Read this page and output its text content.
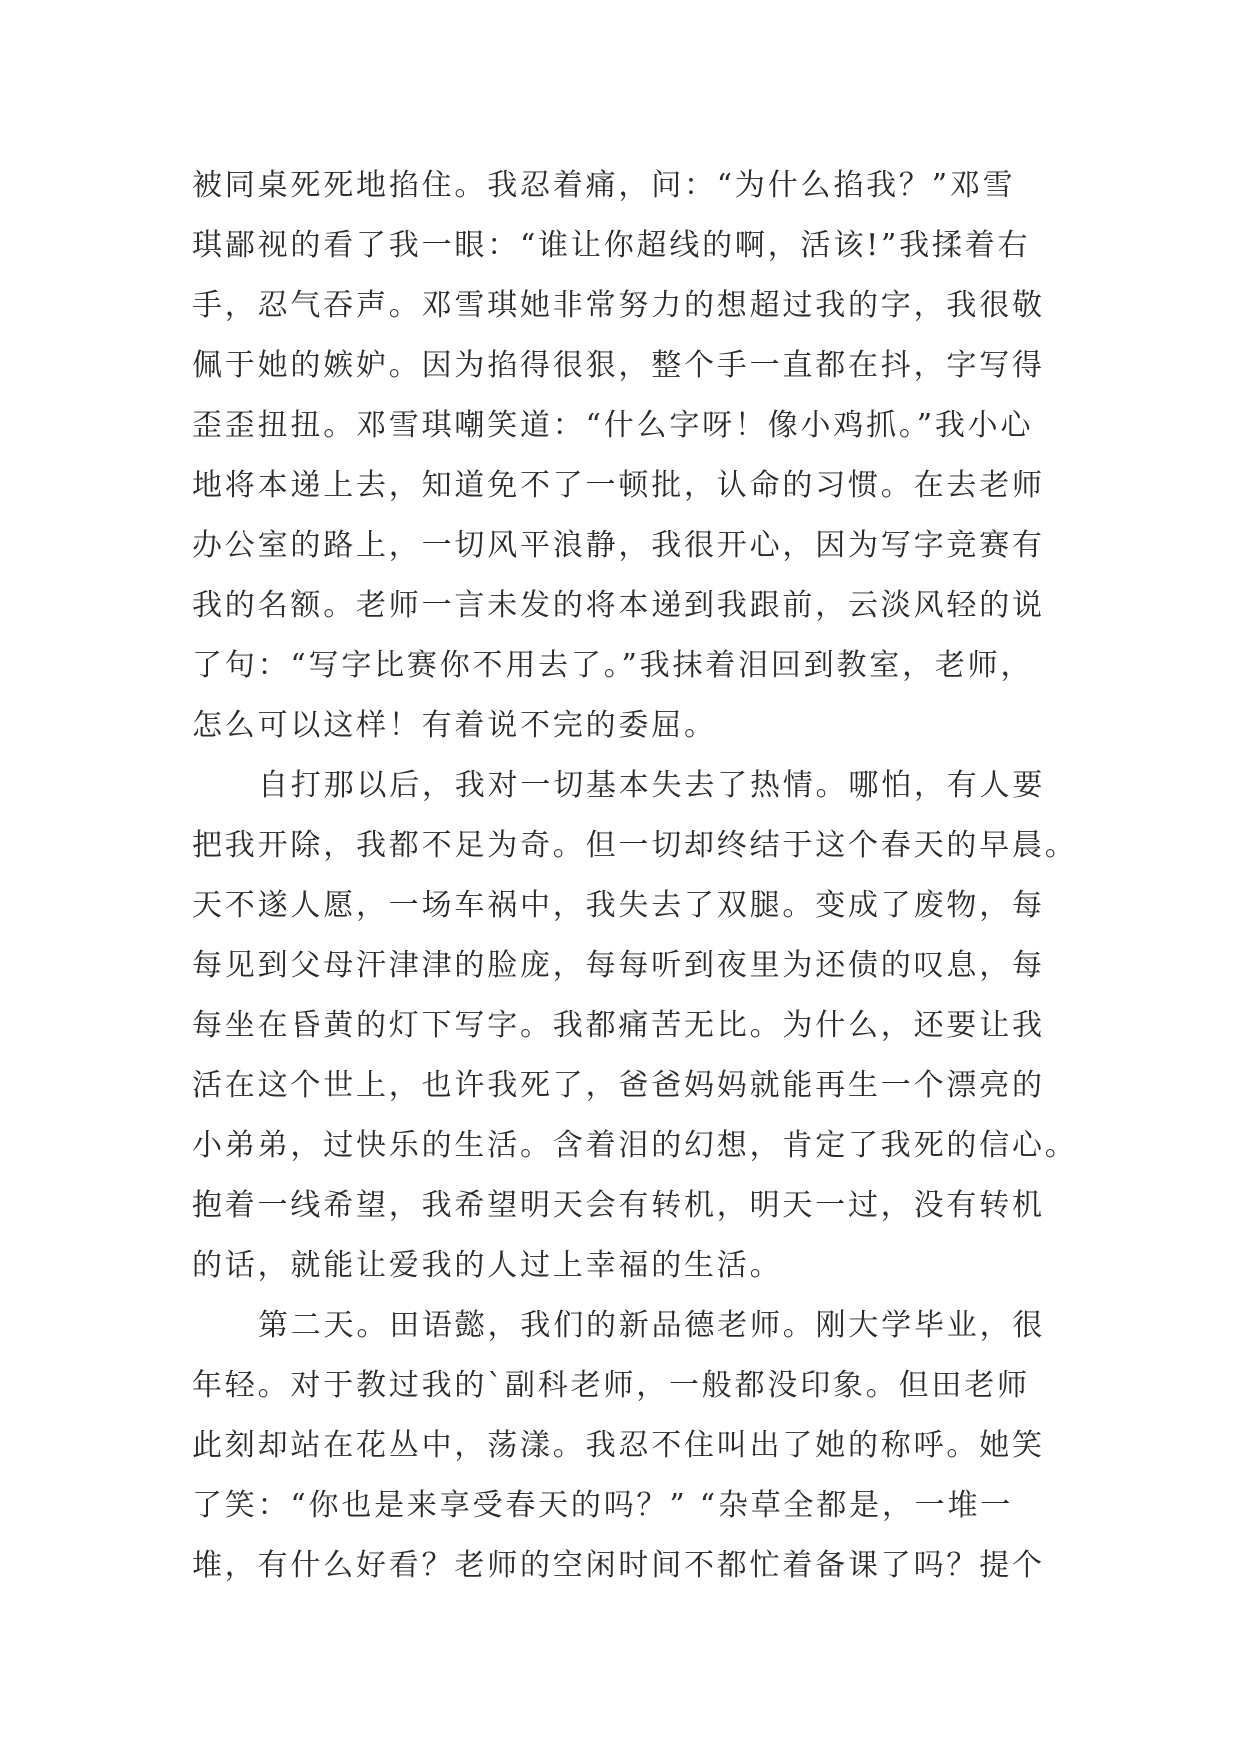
被同桌死死地掐住。我忍着痛，问：“为什么掐我？”邓雪
琪鄙视的看了我一眼：“谁让你超线的啊，活该!”我揉着右
手，忍气吞声。邓雪琪她非常努力的想超过我的字，我很敬
佩于她的嫉妒。因为掐得很狠，整个手一直都在抖，字写得
歪歪扭扭。邓雪琪嘲笑道：“什么字呀！像小鸡抓。”我小心
地将本递上去，知道免不了一顿批，认命的习惯。在去老师
办公室的路上，一切风平浪静，我很开心，因为写字竞赛有
我的名额。老师一言未发的将本递到我跟前，云淡风轻的说
了句：“写字比赛你不用去了。”我抹着泪回到教室，老师，
怎么可以这样！有着说不完的委屈。
自打那以后，我对一切基本失去了热情。哪怕，有人要
把我开除，我都不足为奇。但一切却终结于这个春天的早晨。
天不遂人愿，一场车祸中，我失去了双腿。变成了废物，每
每见到父母汗津津的脸庞，每每听到夜里为还债的叹息，每
每坐在昏黄的灯下写字。我都痛苦无比。为什么，还要让我
活在这个世上，也许我死了，爸爸妈妈就能再生一个漂亮的
小弟弟，过快乐的生活。含着泪的幻想，肯定了我死的信心。
抱着一线希望，我希望明天会有转机，明天一过，没有转机
的话，就能让爱我的人过上幸福的生活。
第二天。田语懿，我们的新品德老师。刚大学毕业，很
年轻。对于教过我的`副科老师，一般都没印象。但田老师
此刻却站在花丛中，荡漾。我忍不住叫出了她的称呼。她笑
了笑：“你也是来享受春天的吗？” “杂草全都是，一堆一
堆，有什么好看？老师的空闲时间不都忙着备课了吗？提个
